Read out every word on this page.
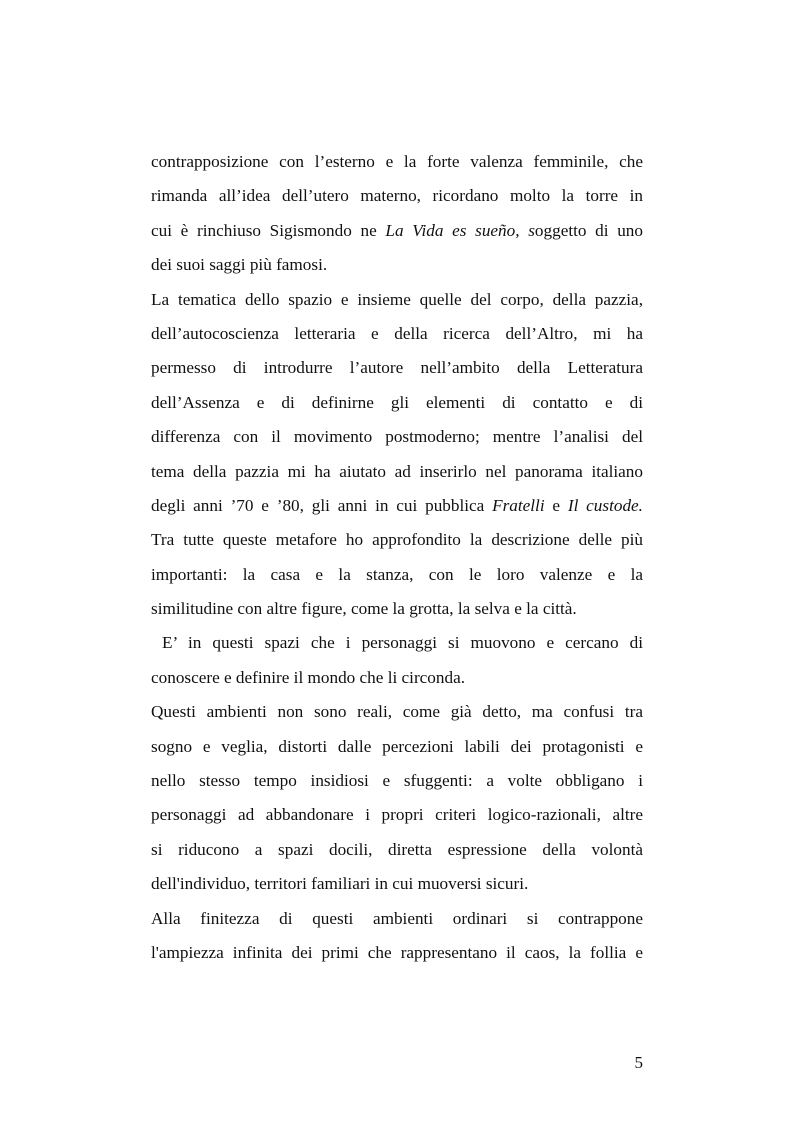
contrapposizione con l’esterno e la forte valenza femminile, che
rimanda all’idea dell’utero materno, ricordano molto la torre in
cui è rinchiuso Sigismondo ne La Vida es sueño, soggetto di uno
dei suoi saggi più famosi.
La tematica dello spazio e insieme quelle del corpo, della pazzia,
dell’autocoscienza letteraria e della ricerca dell’Altro, mi ha
permesso di introdurre l’autore nell’ambito della Letteratura
dell’Assenza e di definirne gli elementi di contatto e di
differenza con il movimento postmoderno; mentre l’analisi del
tema della pazzia mi ha aiutato ad inserirlo nel panorama italiano
degli anni ’70 e ’80, gli anni in cui pubblica Fratelli e Il custode.
Tra tutte queste metafore ho approfondito la descrizione delle più
importanti: la casa e la stanza, con le loro valenze e la
similitudine con altre figure, come la grotta, la selva e la città.
E’ in questi spazi che i personaggi si muovono e cercano di
conoscere e definire il mondo che li circonda.
Questi ambienti non sono reali, come già detto, ma confusi tra
sogno e veglia, distorti dalle percezioni labili dei protagonisti e
nello stesso tempo insidiosi e sfuggenti: a volte obbligano i
personaggi ad abbandonare i propri criteri logico-razionali, altre
si riducono a spazi docili, diretta espressione della volontà
dell'individuo, territori familiari in cui muoversi sicuri.
Alla finitezza di questi ambienti ordinari si contrappone
l'ampiezza infinita dei primi che rappresentano il caos, la follia e
5
